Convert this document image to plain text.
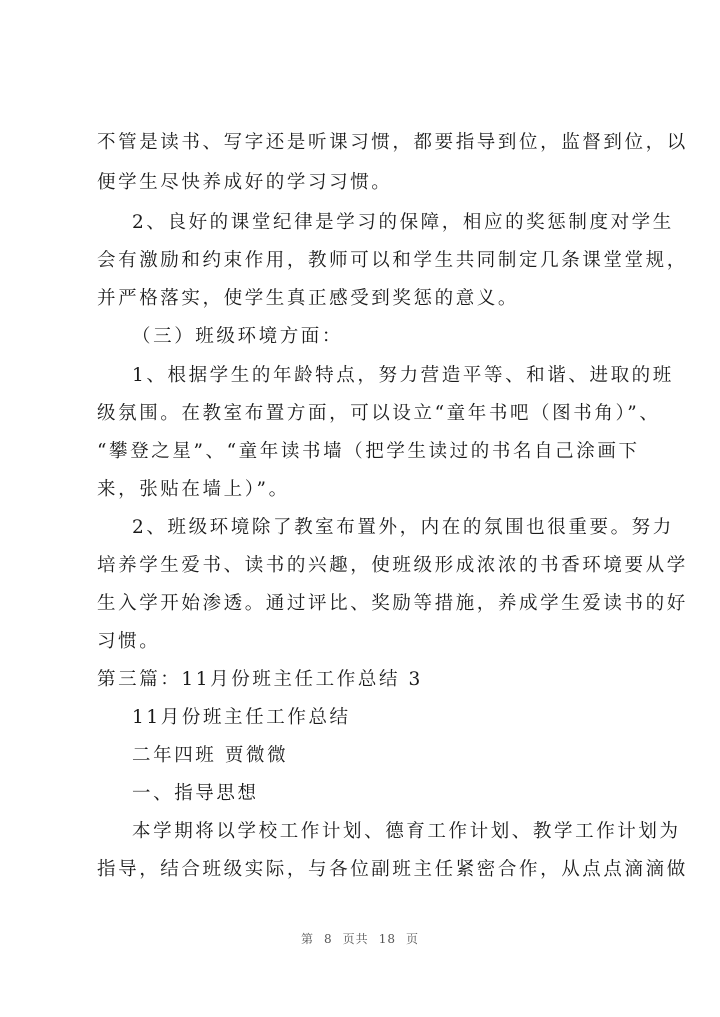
不管是读书、写字还是听课习惯，都要指导到位，监督到位，以
便学生尽快养成好的学习习惯。
2、良好的课堂纪律是学习的保障，相应的奖惩制度对学生
会有激励和约束作用，教师可以和学生共同制定几条课堂堂规，
并严格落实，使学生真正感受到奖惩的意义。
（三）班级环境方面：
1、根据学生的年龄特点，努力营造平等、和谐、进取的班
级氛围。在教室布置方面，可以设立“童年书吧（图书角）”、
“攀登之星”、“童年读书墙（把学生读过的书名自己涂画下
来，张贴在墙上）”。
2、班级环境除了教室布置外，内在的氛围也很重要。努力
培养学生爱书、读书的兴趣，使班级形成浓浓的书香环境要从学
生入学开始渗透。通过评比、奖励等措施，养成学生爱读书的好
习惯。
第三篇：11月份班主任工作总结 3
11月份班主任工作总结
二年四班 贾微微
一、指导思想
本学期将以学校工作计划、德育工作计划、教学工作计划为
指导，结合班级实际，与各位副班主任紧密合作，从点点滴滴做
第 8 页共 18 页
